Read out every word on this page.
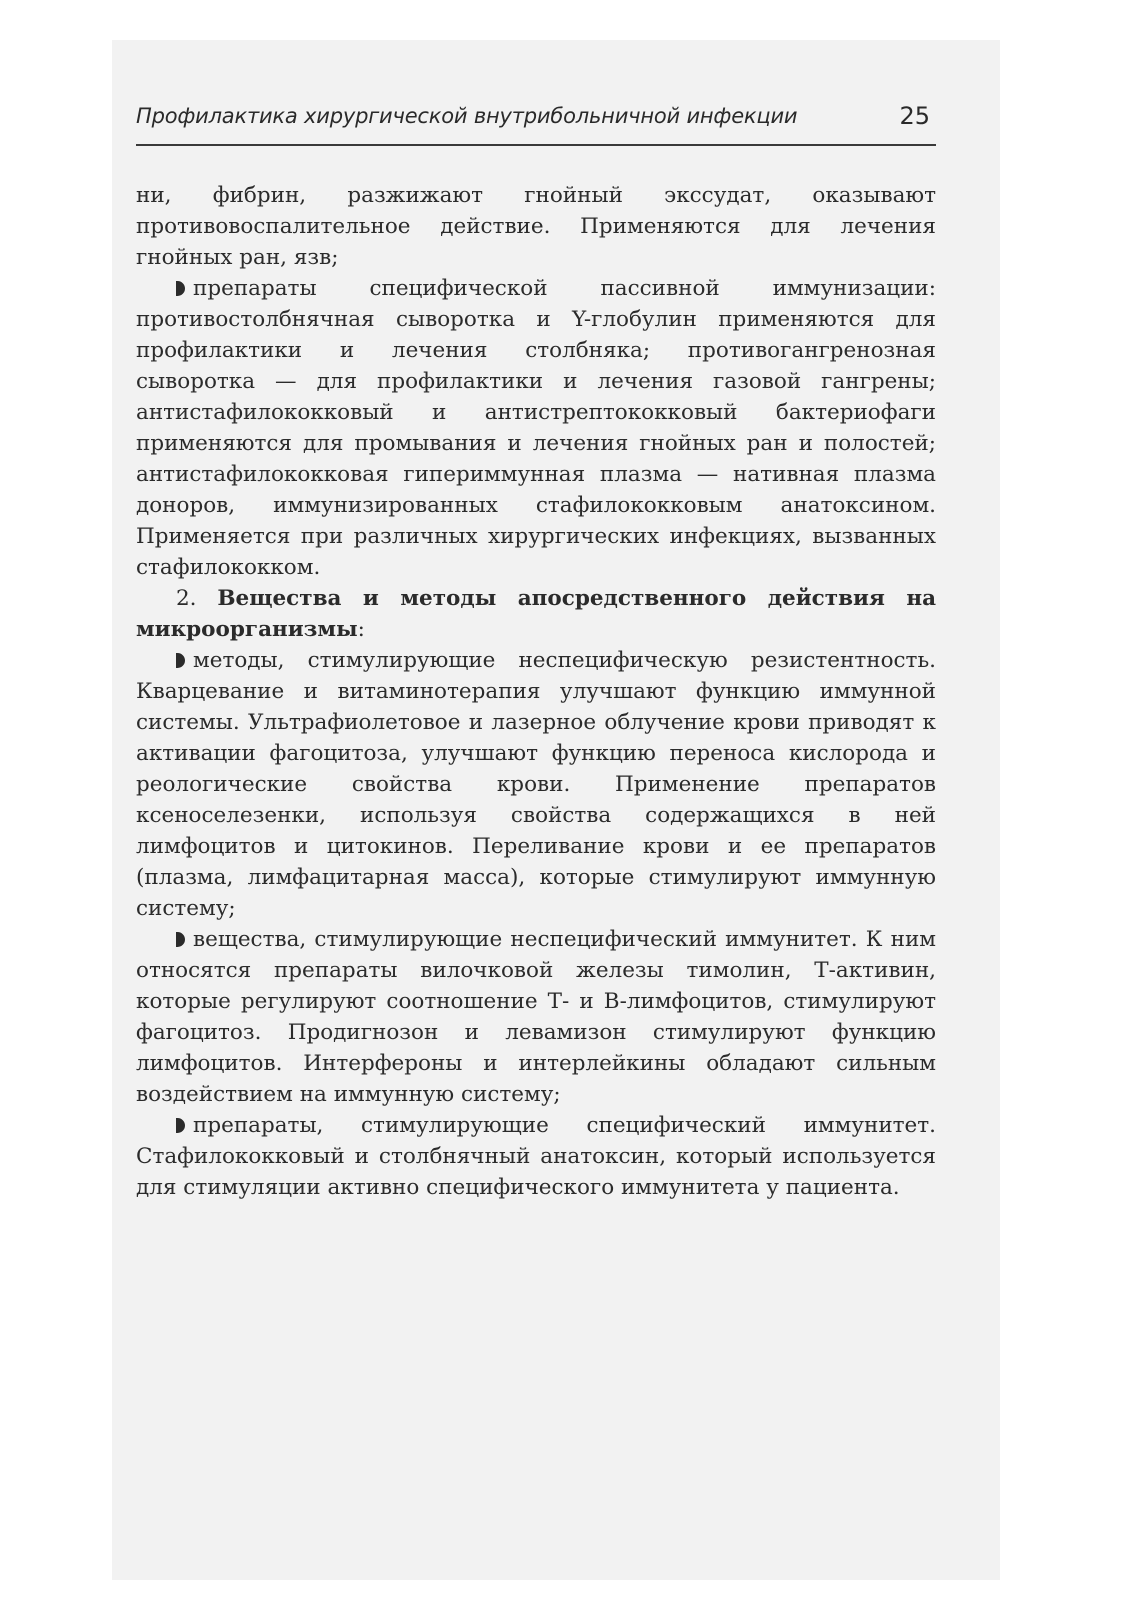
Профилактика хирургической внутрибольничной инфекции	25

ни, фибрин, разжижают гнойный экссудат, оказывают противовоспалительное действие. Применяются для лечения гнойных ран, язв;

препараты специфической пассивной иммунизации: противостолбнячная сыворотка и Y-глобулин применяются для профилактики и лечения столбняка; противогангренозная сыворотка — для профилактики и лечения газовой гангрены; антистафилококковый и антистрептококковый бактериофаги применяются для промывания и лечения гнойных ран и полостей; антистафилококковая гипериммунная плазма — нативная плазма доноров, иммунизированных стафилококковым анатоксином. Применяется при различных хирургических инфекциях, вызванных стафилококком.

2. Вещества и методы апосредственного действия на микроорганизмы:

методы, стимулирующие неспецифическую резистентность. Кварцевание и витаминотерапия улучшают функцию иммунной системы. Ультрафиолетовое и лазерное облучение крови приводят к активации фагоцитоза, улучшают функцию переноса кислорода и реологические свойства крови. Применение препаратов ксеноселезенки, используя свойства содержащихся в ней лимфоцитов и цитокинов. Переливание крови и ее препаратов (плазма, лимфацитарная масса), которые стимулируют иммунную систему;

вещества, стимулирующие неспецифический иммунитет. К ним относятся препараты вилочковой железы тимолин, Т-активин, которые регулируют соотношение Т- и В-лимфоцитов, стимулируют фагоцитоз. Продигнозон и левамизон стимулируют функцию лимфоцитов. Интерфероны и интерлейкины обладают сильным воздействием на иммунную систему;

препараты, стимулирующие специфический иммунитет. Стафилококковый и столбнячный анатоксин, который используется для стимуляции активно специфического иммунитета у пациента.
